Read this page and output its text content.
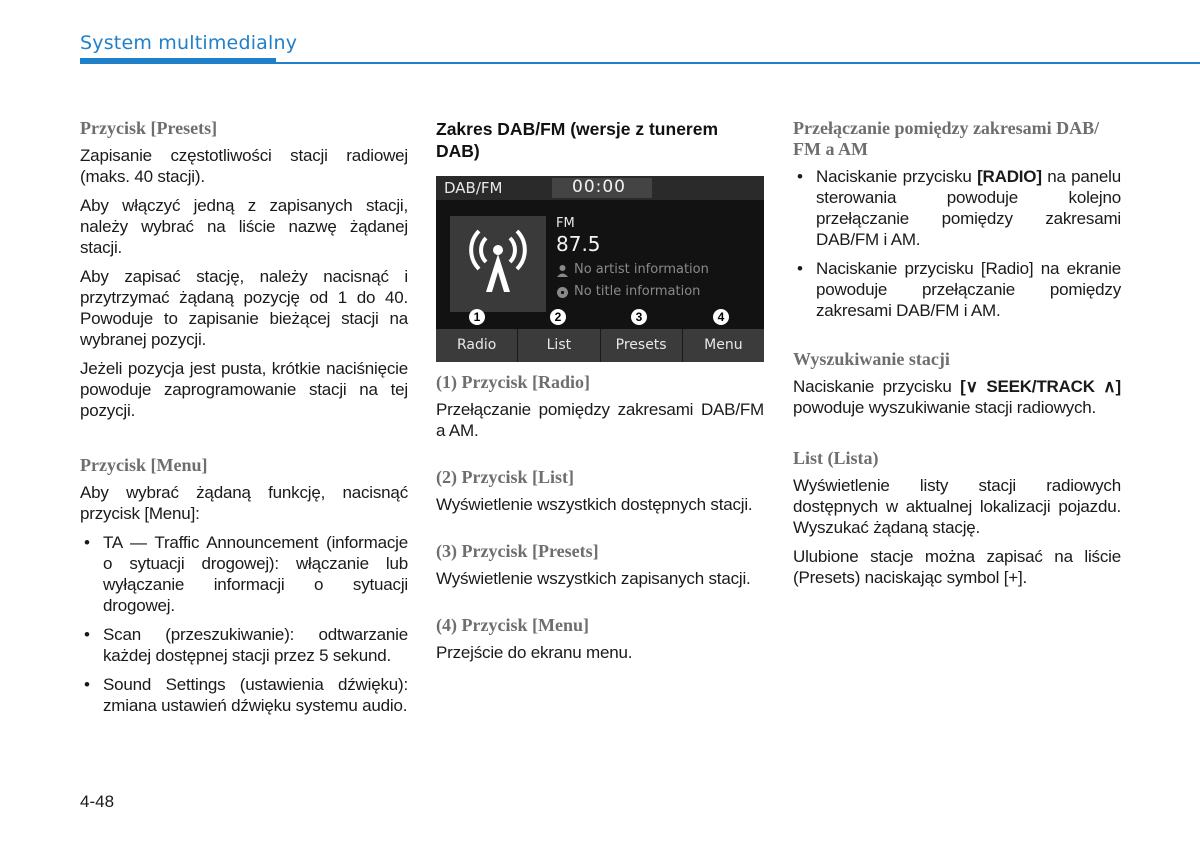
System multimedialny
Przycisk [Presets]

Zapisanie częstotliwości stacji radiowej (maks. 40 stacji).

Aby włączyć jedną z zapisanych stacji, należy wybrać na liście nazwę żądanej stacji.

Aby zapisać stację, należy nacisnąć i przytrzymać żądaną pozycję od 1 do 40. Powoduje to zapisanie bieżącej stacji na wybranej pozycji.

Jeżeli pozycja jest pusta, krótkie naciśnięcie powoduje zaprogramowanie stacji na tej pozycji.

Przycisk [Menu]

Aby wybrać żądaną funkcję, nacisnąć przycisk [Menu]:

• TA — Traffic Announcement (informacje o sytuacji drogowej): włączanie lub wyłączanie informacji o sytuacji drogowej.
• Scan (przeszukiwanie): odtwarzanie każdej dostępnej stacji przez 5 sekund.
• Sound Settings (ustawienia dźwięku): zmiana ustawień dźwięku systemu audio.
Zakres DAB/FM (wersje z tunerem DAB)
DAB/FM	00:00
FM
87.5
No artist information
No title information
1	2	3	4
Radio	List	Presets	Menu
(1) Przycisk [Radio]

Przełączanie pomiędzy zakresami DAB/FM a AM.

(2) Przycisk [List]

Wyświetlenie wszystkich dostępnych stacji.

(3) Przycisk [Presets]

Wyświetlenie wszystkich zapisanych stacji.

(4) Przycisk [Menu]

Przejście do ekranu menu.

Przełączanie pomiędzy zakresami DAB/ FM a AM
• Naciskanie przycisku [RADIO] na panelu sterowania powoduje kolejno przełączanie pomiędzy zakresami DAB/FM i AM.
• Naciskanie przycisku [Radio] na ekranie powoduje przełączanie pomiędzy zakresami DAB/FM i AM.
Wyszukiwanie stacji

Naciskanie przycisku [∨ SEEK/TRACK ∧] powoduje wyszukiwanie stacji radiowych.

List (Lista)

Wyświetlenie listy stacji radiowych dostępnych w aktualnej lokalizacji pojazdu. Wyszukać żądaną stację.

Ulubione stacje można zapisać na liście (Presets) naciskając symbol [+].

4-48
